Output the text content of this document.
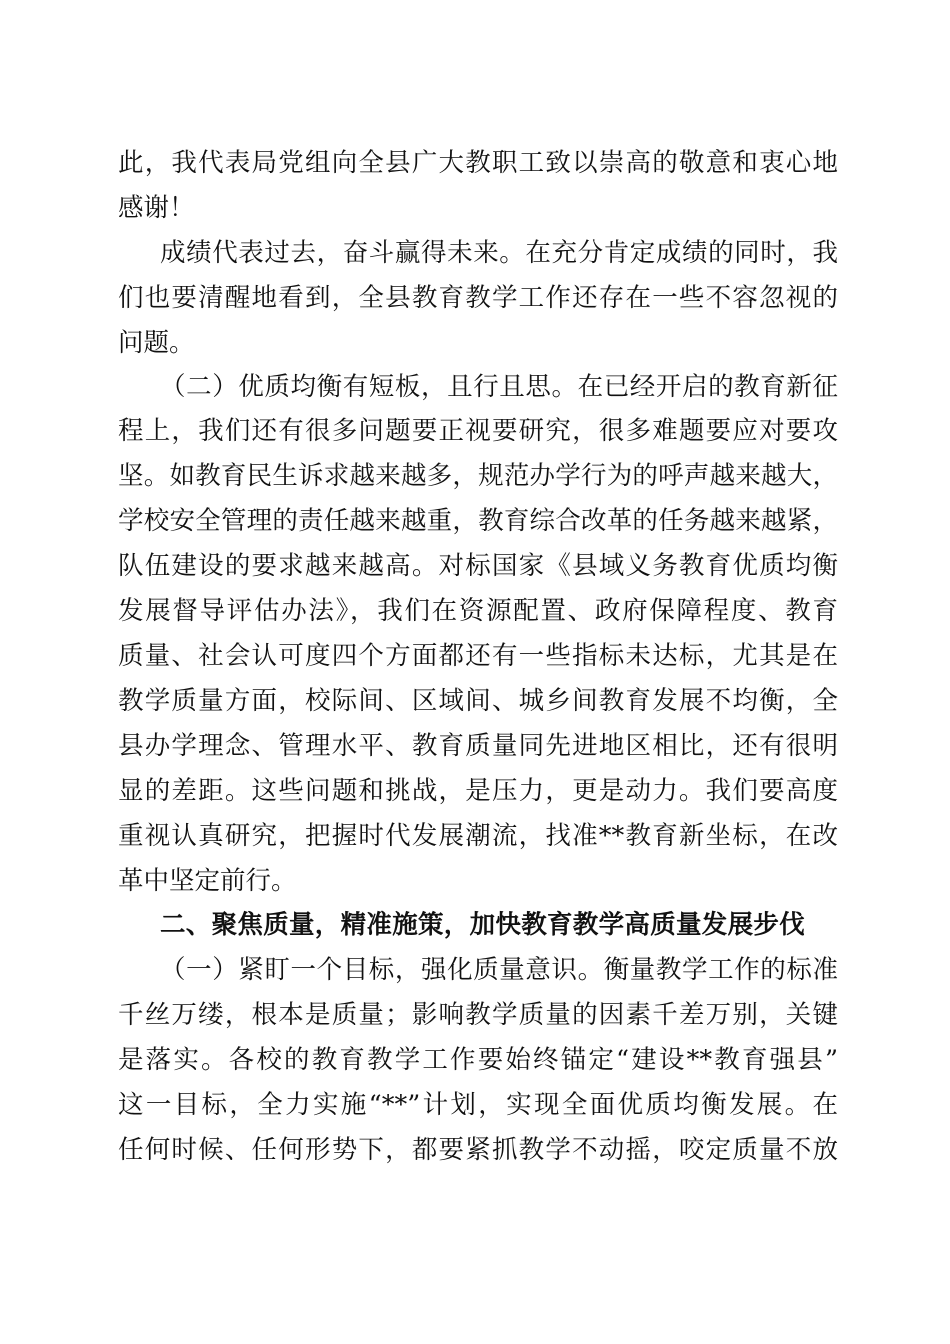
此，我代表局党组向全县广大教职工致以崇高的敬意和衷心地
感谢！
成绩代表过去，奋斗赢得未来。在充分肯定成绩的同时，我
们也要清醒地看到，全县教育教学工作还存在一些不容忽视的
问题。
（二）优质均衡有短板，且行且思。在已经开启的教育新征
程上，我们还有很多问题要正视要研究，很多难题要应对要攻
坚。如教育民生诉求越来越多，规范办学行为的呼声越来越大，
学校安全管理的责任越来越重，教育综合改革的任务越来越紧，
队伍建设的要求越来越高。对标国家《县域义务教育优质均衡
发展督导评估办法》，我们在资源配置、政府保障程度、教育
质量、社会认可度四个方面都还有一些指标未达标，尤其是在
教学质量方面，校际间、区域间、城乡间教育发展不均衡，全
县办学理念、管理水平、教育质量同先进地区相比，还有很明
显的差距。这些问题和挑战，是压力，更是动力。我们要高度
重视认真研究，把握时代发展潮流，找准**教育新坐标，在改
革中坚定前行。
二、聚焦质量，精准施策，加快教育教学高质量发展步伐
（一）紧盯一个目标，强化质量意识。衡量教学工作的标准
千丝万缕，根本是质量；影响教学质量的因素千差万别，关键
是落实。各校的教育教学工作要始终锚定“建设**教育强县”
这一目标，全力实施“**”计划，实现全面优质均衡发展。在
任何时候、任何形势下，都要紧抓教学不动摇，咬定质量不放
